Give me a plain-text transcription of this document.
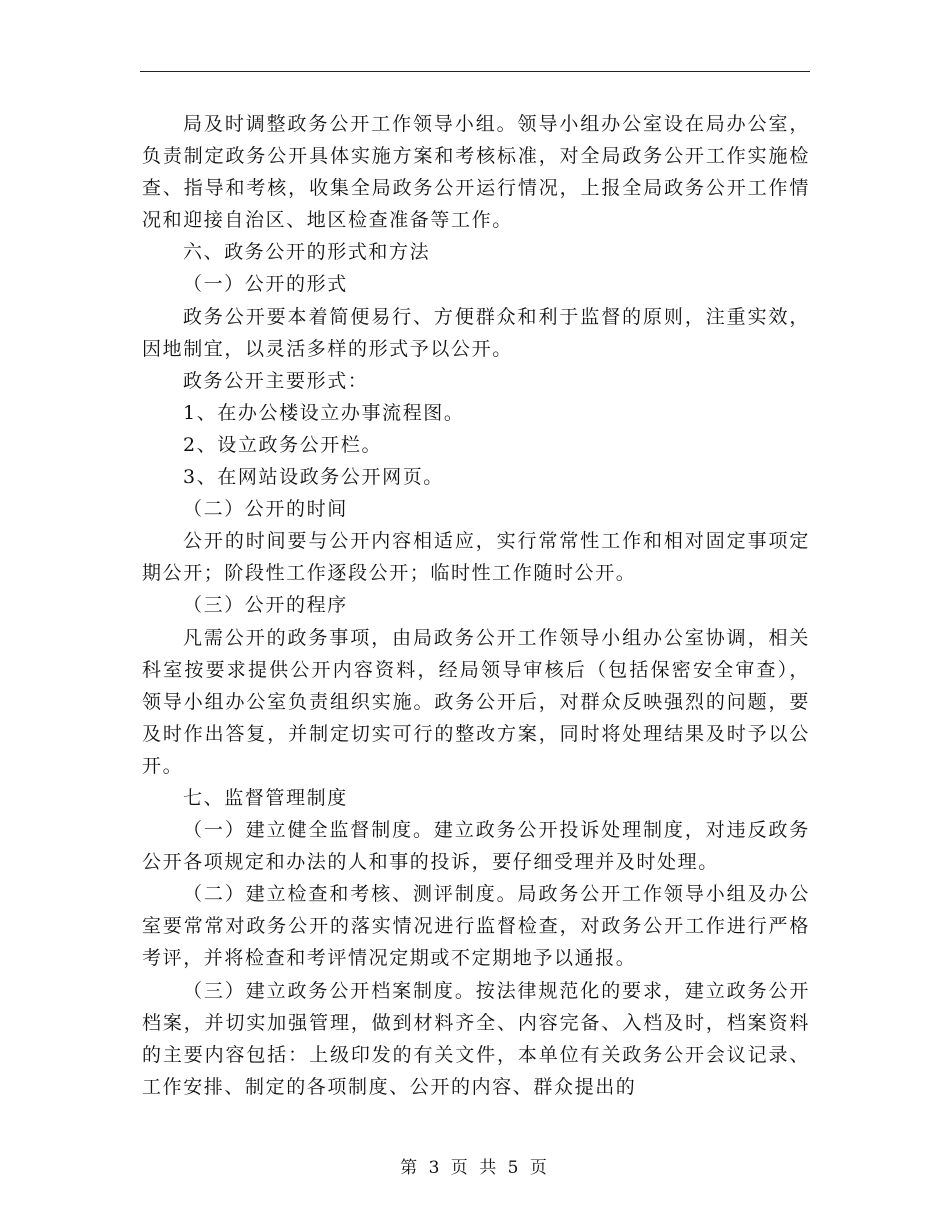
局及时调整政务公开工作领导小组。领导小组办公室设在局办公室，负责制定政务公开具体实施方案和考核标准，对全局政务公开工作实施检查、指导和考核，收集全局政务公开运行情况，上报全局政务公开工作情况和迎接自治区、地区检查准备等工作。

六、政务公开的形式和方法

（一）公开的形式

政务公开要本着简便易行、方便群众和利于监督的原则，注重实效，因地制宜，以灵活多样的形式予以公开。

政务公开主要形式：

1、在办公楼设立办事流程图。

2、设立政务公开栏。

3、在网站设政务公开网页。

（二）公开的时间

公开的时间要与公开内容相适应，实行常常性工作和相对固定事项定期公开；阶段性工作逐段公开；临时性工作随时公开。

（三）公开的程序

凡需公开的政务事项，由局政务公开工作领导小组办公室协调，相关科室按要求提供公开内容资料，经局领导审核后（包括保密安全审查），领导小组办公室负责组织实施。政务公开后，对群众反映强烈的问题，要及时作出答复，并制定切实可行的整改方案，同时将处理结果及时予以公开。

七、监督管理制度

（一）建立健全监督制度。建立政务公开投诉处理制度，对违反政务公开各项规定和办法的人和事的投诉，要仔细受理并及时处理。

（二）建立检查和考核、测评制度。局政务公开工作领导小组及办公室要常常对政务公开的落实情况进行监督检查，对政务公开工作进行严格考评，并将检查和考评情况定期或不定期地予以通报。

（三）建立政务公开档案制度。按法律规范化的要求，建立政务公开档案，并切实加强管理，做到材料齐全、内容完备、入档及时，档案资料的主要内容包括：上级印发的有关文件，本单位有关政务公开会议记录、工作安排、制定的各项制度、公开的内容、群众提出的

第 3 页 共 5 页
